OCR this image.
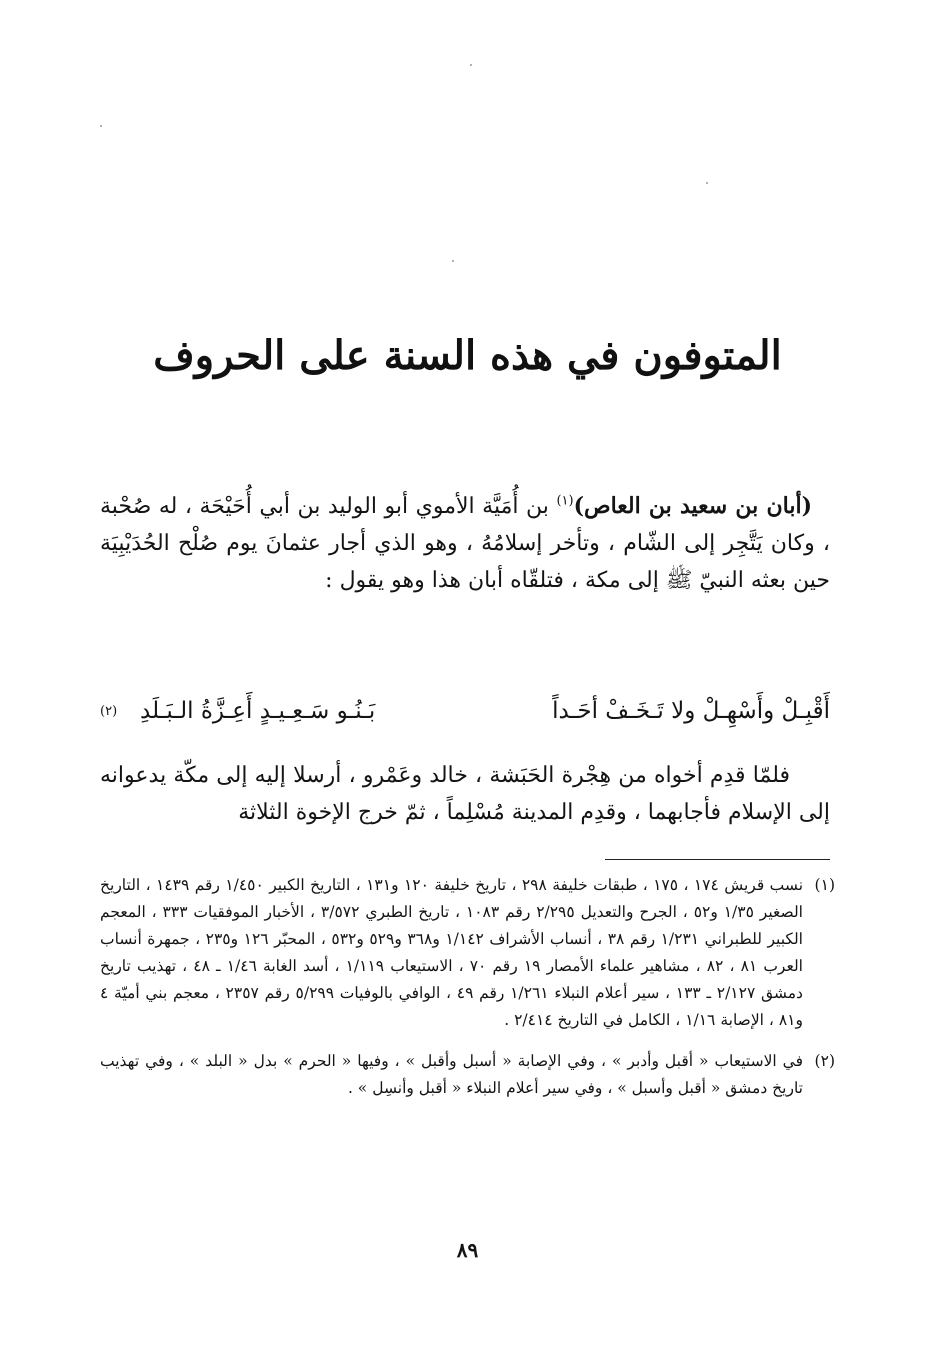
المتوفون في هذه السنة على الحروف

(أبان بن سعيد بن العاص)$^{(١)}$ بن أُمَيَّة الأموي أبو الوليد بن أبي أُحَيْحَة ، له صُحْبة ، وكان يَتَّجِر إلى الشّام ، وتأخر إسلامُهُ ، وهو الذي أجار عثمانَ يوم صُلْح الحُدَيْبِيَة حين بعثه النبيّ ﷺ إلى مكة ، فتلقّاه أبان هذا وهو يقول :

أَقْبِـلْ وأَسْهِـلْ ولا تَـخَـفْ أحَـداً
بَـنُـو سَـعِـيـدٍ أَعِـزَّةُ الـبَـلَدِ
(٢)

فلمّا قدِم أخواه من هِجْرة الحَبَشة ، خالد وعَمْرو ، أرسلا إليه إلى مكّة يدعوانه إلى الإسلام فأجابهما ، وقدِم المدينة مُسْلِماً ، ثمّ خرج الإخوة الثلاثة

(١)
نسب قريش ١٧٤ ، ١٧٥ ، طبقات خليفة ٢٩٨ ، تاريخ خليفة ١٢٠ و١٣١ ، التاريخ الكبير ١/٤٥٠ رقم ١٤٣٩ ، التاريخ الصغير ١/٣٥ و٥٢ ، الجرح والتعديل ٢/٢٩٥ رقم ١٠٨٣ ، تاريخ الطبري ٣/٥٧٢ ، الأخبار الموفقيات ٣٣٣ ، المعجم الكبير للطبراني ١/٢٣١ رقم ٣٨ ، أنساب الأشراف ١/١٤٢ و٣٦٨ و٥٢٩ و٥٣٢ ، المحبّر ١٢٦ و٢٣٥ ، جمهرة أنساب العرب ٨١ ، ٨٢ ، مشاهير علماء الأمصار ١٩ رقم ٧٠ ، الاستيعاب ١/١١٩ ، أسد الغابة ١/٤٦ ـ ٤٨ ، تهذيب تاريخ دمشق ٢/١٢٧ ـ ١٣٣ ، سير أعلام النبلاء ١/٢٦١ رقم ٤٩ ، الوافي بالوفيات ٥/٢٩٩ رقم ٢٣٥٧ ، معجم بني أميّة ٤ و٨١ ، الإصابة ١/١٦ ، الكامل في التاريخ ٢/٤١٤ .
(٢)
في الاستيعاب « أقبل وأدبر » ، وفي الإصابة « أسبل وأقبل » ، وفيها « الحرم » بدل « البلد » ، وفي تهذيب تاريخ دمشق « أقبل وأسبل » ، وفي سير أعلام النبلاء « أقبل وأنسِل » .
٨٩
